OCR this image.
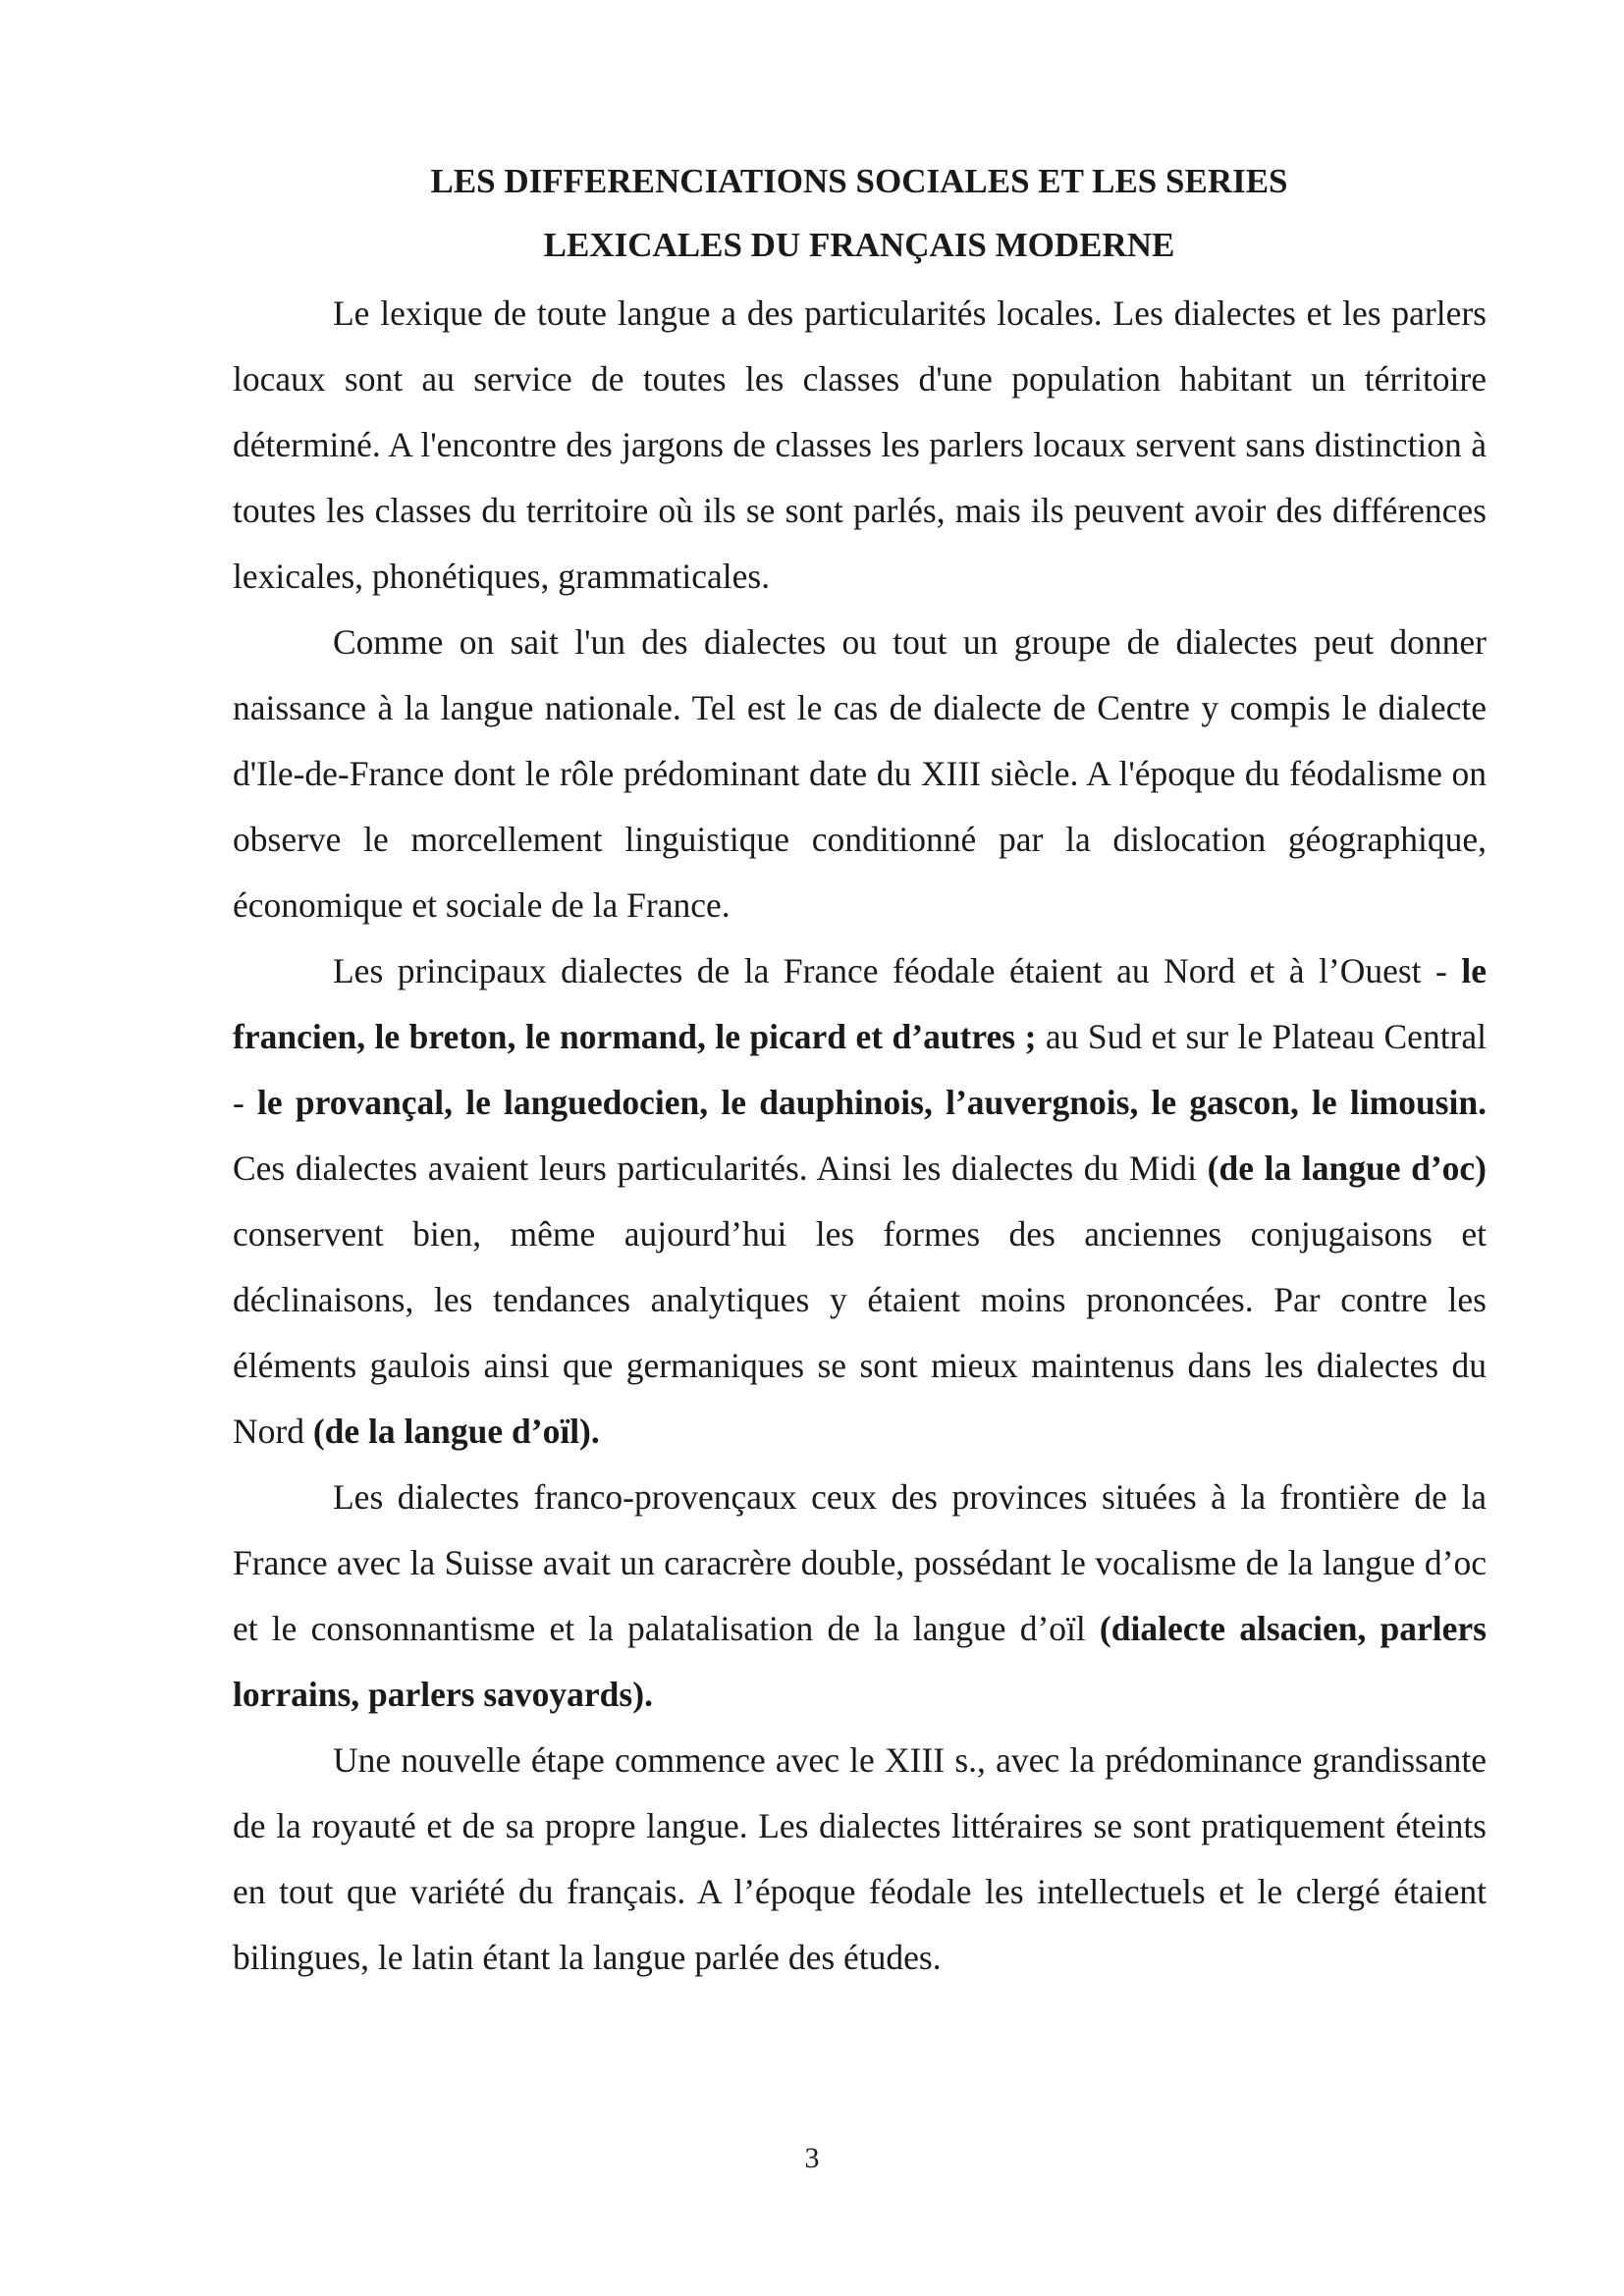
LES DIFFERENCIATIONS SOCIALES ET LES SERIES
LEXICALES DU FRANÇAIS MODERNE

Le lexique de toute langue a des particularités locales. Les dialectes et les parlers locaux sont au service de toutes les classes d'une population habitant un térritoire déterminé. A l'encontre des jargons de classes les parlers locaux servent sans distinction à toutes les classes du territoire où ils se sont parlés, mais ils peuvent avoir des différences lexicales, phonétiques, grammaticales.

Comme on sait l'un des dialectes ou tout un groupe de dialectes peut donner naissance à la langue nationale. Tel est le cas de dialecte de Centre y compis le dialecte d'Ile-de-France dont le rôle prédominant date du XIII siècle. A l'époque du féodalisme on observe le morcellement linguistique conditionné par la dislocation géographique, économique et sociale de la France.

Les principaux dialectes de la France féodale étaient au Nord et à l’Ouest - le francien, le breton, le normand, le picard et d’autres ; au Sud et sur le Plateau Central - le provançal, le languedocien, le dauphinois, l’auvergnois, le gascon, le limousin. Ces dialectes avaient leurs particularités. Ainsi les dialectes du Midi (de la langue d’oc) conservent bien, même aujourd’hui les formes des anciennes conjugaisons et déclinaisons, les tendances analytiques y étaient moins prononcées. Par contre les éléments gaulois ainsi que germaniques se sont mieux maintenus dans les dialectes du Nord (de la langue d’oïl).

Les dialectes franco-provençaux ceux des provinces situées à la frontière de la France avec la Suisse avait un caracrère double, possédant le vocalisme de la langue d’oc et le consonnantisme et la palatalisation de la langue d’oïl (dialecte alsacien, parlers lorrains, parlers savoyards).

Une nouvelle étape commence avec le XIII s., avec la prédominance grandissante de la royauté et de sa propre langue. Les dialectes littéraires se sont pratiquement éteints en tout que variété du français. A l’époque féodale les intellectuels et le clergé étaient bilingues, le latin étant la langue parlée des études.

3
